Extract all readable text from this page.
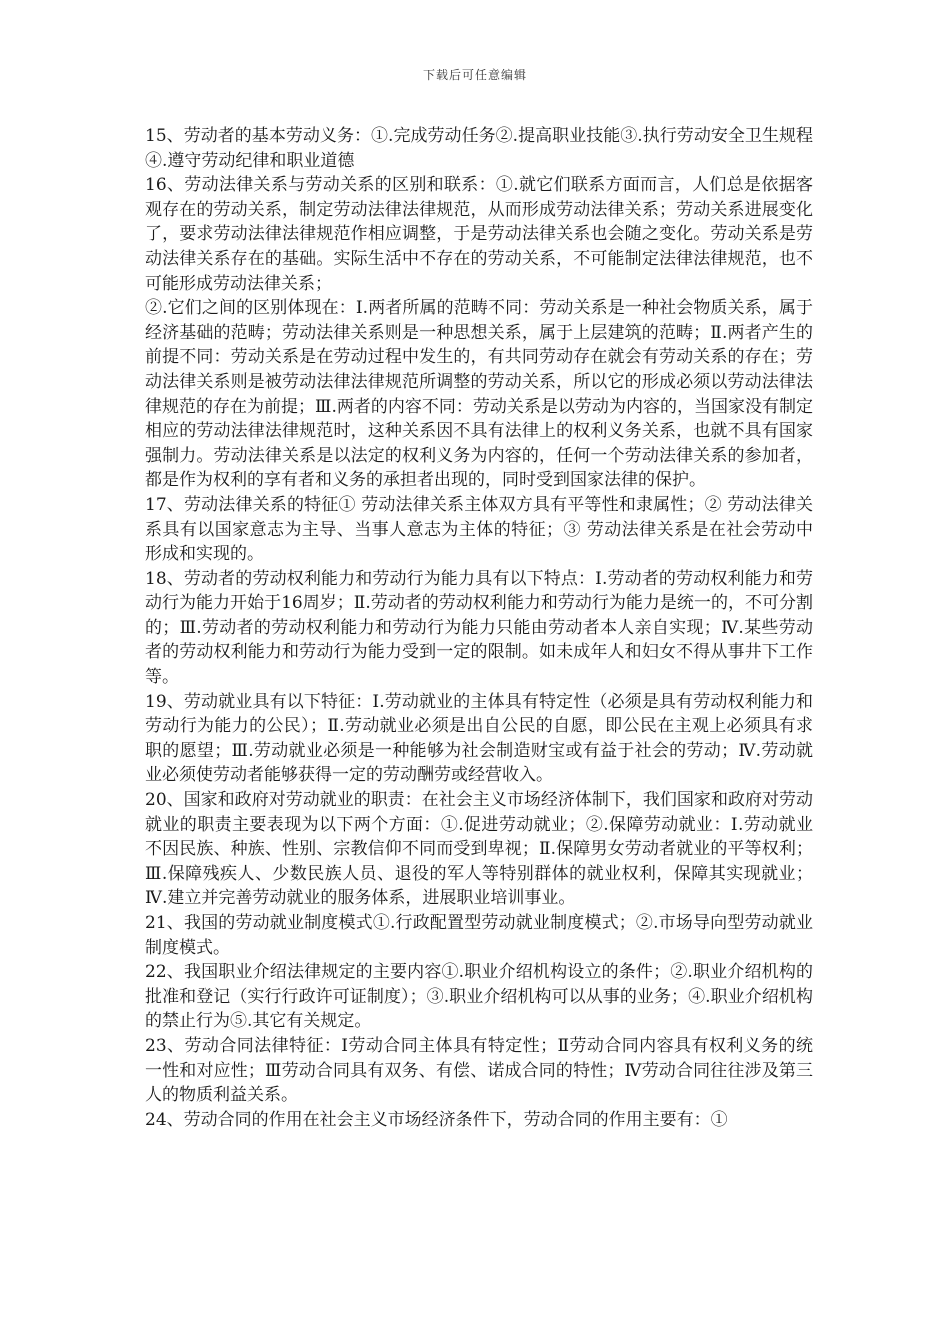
下载后可任意编辑

15、劳动者的基本劳动义务：①.完成劳动任务②.提高职业技能③.执行劳动安全卫生规程④.遵守劳动纪律和职业道德

16、劳动法律关系与劳动关系的区别和联系：①.就它们联系方面而言，人们总是依据客观存在的劳动关系，制定劳动法律法律规范，从而形成劳动法律关系；劳动关系进展变化了，要求劳动法律法律规范作相应调整，于是劳动法律关系也会随之变化。劳动关系是劳动法律关系存在的基础。实际生活中不存在的劳动关系，不可能制定法律法律规范，也不可能形成劳动法律关系；

②.它们之间的区别体现在：Ⅰ.两者所属的范畴不同：劳动关系是一种社会物质关系，属于经济基础的范畴；劳动法律关系则是一种思想关系，属于上层建筑的范畴；Ⅱ.两者产生的前提不同：劳动关系是在劳动过程中发生的，有共同劳动存在就会有劳动关系的存在；劳动法律关系则是被劳动法律法律规范所调整的劳动关系，所以它的形成必须以劳动法律法律规范的存在为前提；Ⅲ.两者的内容不同：劳动关系是以劳动为内容的，当国家没有制定相应的劳动法律法律规范时，这种关系因不具有法律上的权利义务关系，也就不具有国家强制力。劳动法律关系是以法定的权利义务为内容的，任何一个劳动法律关系的参加者，都是作为权利的享有者和义务的承担者出现的，同时受到国家法律的保护。

17、劳动法律关系的特征① 劳动法律关系主体双方具有平等性和隶属性；② 劳动法律关系具有以国家意志为主导、当事人意志为主体的特征；③ 劳动法律关系是在社会劳动中形成和实现的。

18、劳动者的劳动权利能力和劳动行为能力具有以下特点：Ⅰ.劳动者的劳动权利能力和劳动行为能力开始于16周岁；Ⅱ.劳动者的劳动权利能力和劳动行为能力是统一的，不可分割的；Ⅲ.劳动者的劳动权利能力和劳动行为能力只能由劳动者本人亲自实现；Ⅳ.某些劳动者的劳动权利能力和劳动行为能力受到一定的限制。如未成年人和妇女不得从事井下工作等。

19、劳动就业具有以下特征：Ⅰ.劳动就业的主体具有特定性（必须是具有劳动权利能力和劳动行为能力的公民）；Ⅱ.劳动就业必须是出自公民的自愿，即公民在主观上必须具有求职的愿望；Ⅲ.劳动就业必须是一种能够为社会制造财宝或有益于社会的劳动；Ⅳ.劳动就业必须使劳动者能够获得一定的劳动酬劳或经营收入。

20、国家和政府对劳动就业的职责：在社会主义市场经济体制下，我们国家和政府对劳动就业的职责主要表现为以下两个方面：①.促进劳动就业；②.保障劳动就业：Ⅰ.劳动就业不因民族、种族、性别、宗教信仰不同而受到卑视；Ⅱ.保障男女劳动者就业的平等权利；Ⅲ.保障残疾人、少数民族人员、退役的军人等特别群体的就业权利，保障其实现就业；Ⅳ.建立并完善劳动就业的服务体系，进展职业培训事业。

21、我国的劳动就业制度模式①.行政配置型劳动就业制度模式；②.市场导向型劳动就业制度模式。

22、我国职业介绍法律规定的主要内容①.职业介绍机构设立的条件；②.职业介绍机构的批准和登记（实行行政许可证制度）；③.职业介绍机构可以从事的业务；④.职业介绍机构的禁止行为⑤.其它有关规定。

23、劳动合同法律特征：Ⅰ劳动合同主体具有特定性；Ⅱ劳动合同内容具有权利义务的统一性和对应性；Ⅲ劳动合同具有双务、有偿、诺成合同的特性；Ⅳ劳动合同往往涉及第三人的物质利益关系。

24、劳动合同的作用在社会主义市场经济条件下，劳动合同的作用主要有：①
